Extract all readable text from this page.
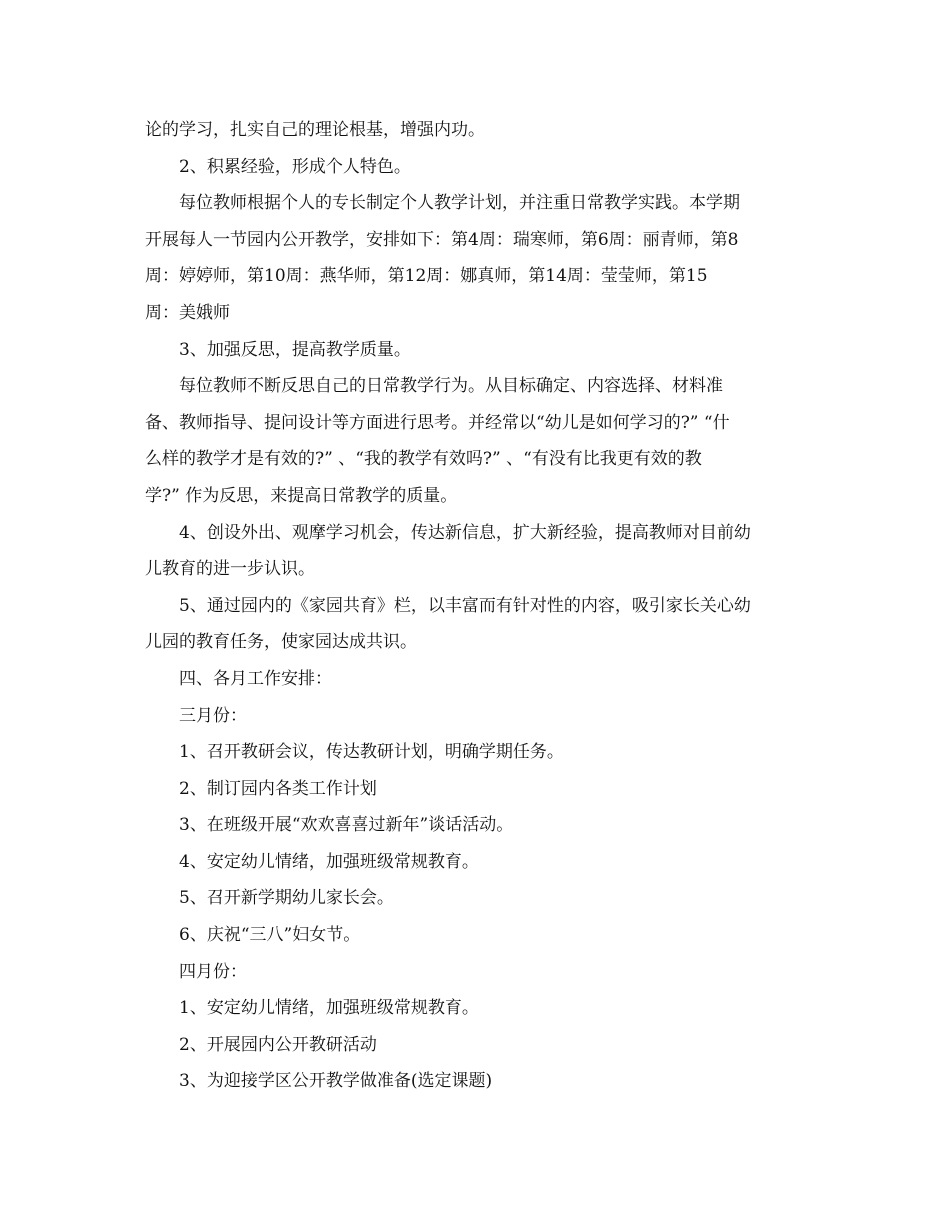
论的学习，扎实自己的理论根基，增强内功。
2、积累经验，形成个人特色。
每位教师根据个人的专长制定个人教学计划，并注重日常教学实践。本学期
开展每人一节园内公开教学，安排如下：第4周：瑞寒师，第6周：丽青师，第8
周：婷婷师，第10周：燕华师，第12周：娜真师，第14周：莹莹师，第15
周：美娥师
3、加强反思，提高教学质量。
每位教师不断反思自己的日常教学行为。从目标确定、内容选择、材料准
备、教师指导、提问设计等方面进行思考。并经常以“幼儿是如何学习的?” “什
么样的教学才是有效的?” 、“我的教学有效吗?” 、“有没有比我更有效的教
学?” 作为反思，来提高日常教学的质量。
4、创设外出、观摩学习机会，传达新信息，扩大新经验，提高教师对目前幼
儿教育的进一步认识。
5、通过园内的《家园共育》栏，以丰富而有针对性的内容，吸引家长关心幼
儿园的教育任务，使家园达成共识。
四、各月工作安排：
三月份：
1、召开教研会议，传达教研计划，明确学期任务。
2、制订园内各类工作计划
3、在班级开展“欢欢喜喜过新年”谈话活动。
4、安定幼儿情绪，加强班级常规教育。
5、召开新学期幼儿家长会。
6、庆祝“三八”妇女节。
四月份：
1、安定幼儿情绪，加强班级常规教育。
2、开展园内公开教研活动
3、为迎接学区公开教学做准备(选定课题)
